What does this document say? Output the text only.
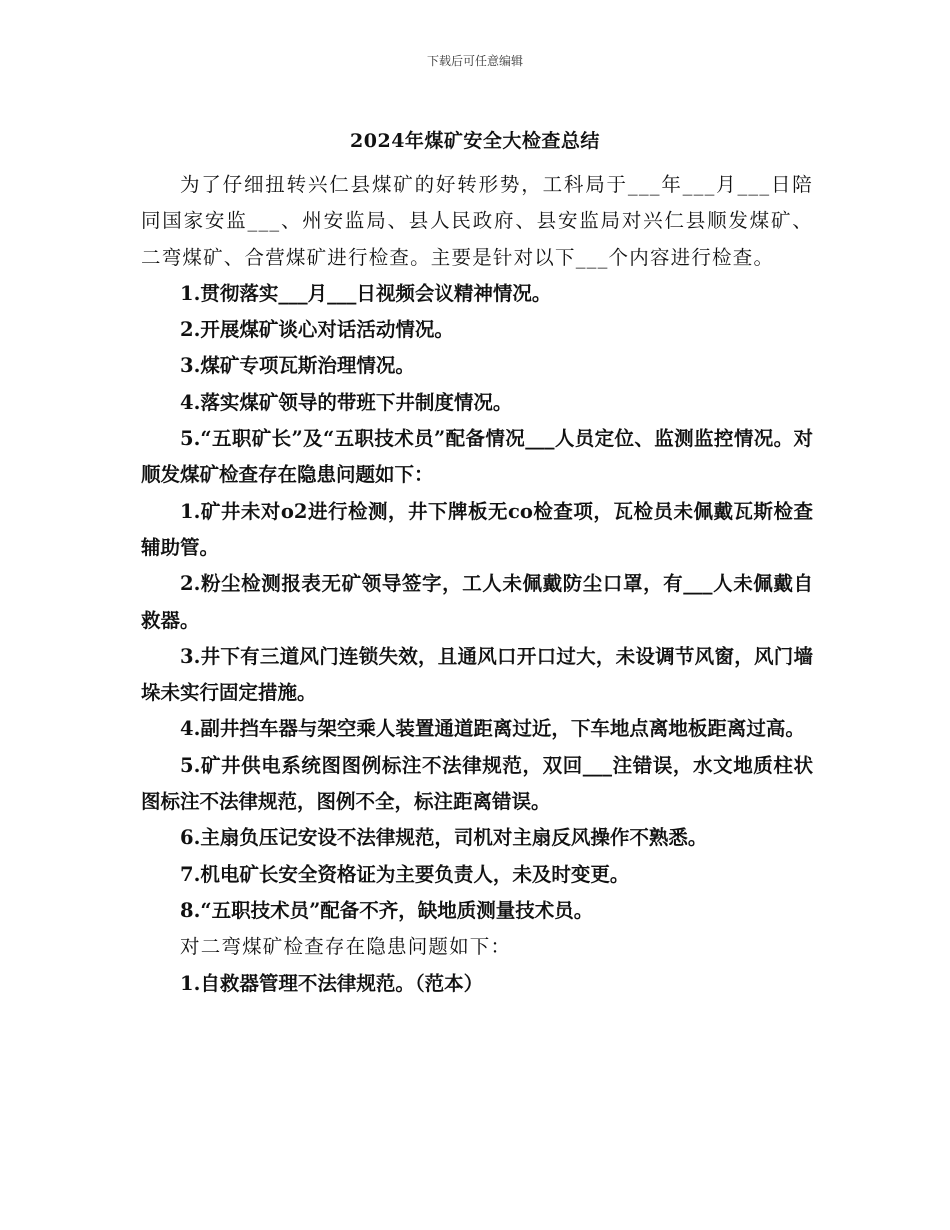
下载后可任意编辑
2024年煤矿安全大检查总结

为了仔细扭转兴仁县煤矿的好转形势，工科局于___年___月___日陪同国家安监___、州安监局、县人民政府、县安监局对兴仁县顺发煤矿、二弯煤矿、合营煤矿进行检查。主要是针对以下___个内容进行检查。

1.贯彻落实___月___日视频会议精神情况。

2.开展煤矿谈心对话活动情况。

3.煤矿专项瓦斯治理情况。

4.落实煤矿领导的带班下井制度情况。

5.“五职矿长”及“五职技术员”配备情况___人员定位、监测监控情况。对顺发煤矿检查存在隐患问题如下：

1.矿井未对o2进行检测，井下牌板无co检查项，瓦检员未佩戴瓦斯检查辅助管。

2.粉尘检测报表无矿领导签字，工人未佩戴防尘口罩，有___人未佩戴自救器。

3.井下有三道风门连锁失效，且通风口开口过大，未设调节风窗，风门墙垛未实行固定措施。

4.副井挡车器与架空乘人装置通道距离过近，下车地点离地板距离过高。

5.矿井供电系统图图例标注不法律规范，双回___注错误，水文地质柱状图标注不法律规范，图例不全，标注距离错误。

6.主扇负压记安设不法律规范，司机对主扇反风操作不熟悉。

7.机电矿长安全资格证为主要负责人，未及时变更。

8.“五职技术员”配备不齐，缺地质测量技术员。

对二弯煤矿检查存在隐患问题如下：

1.自救器管理不法律规范。（范本）
